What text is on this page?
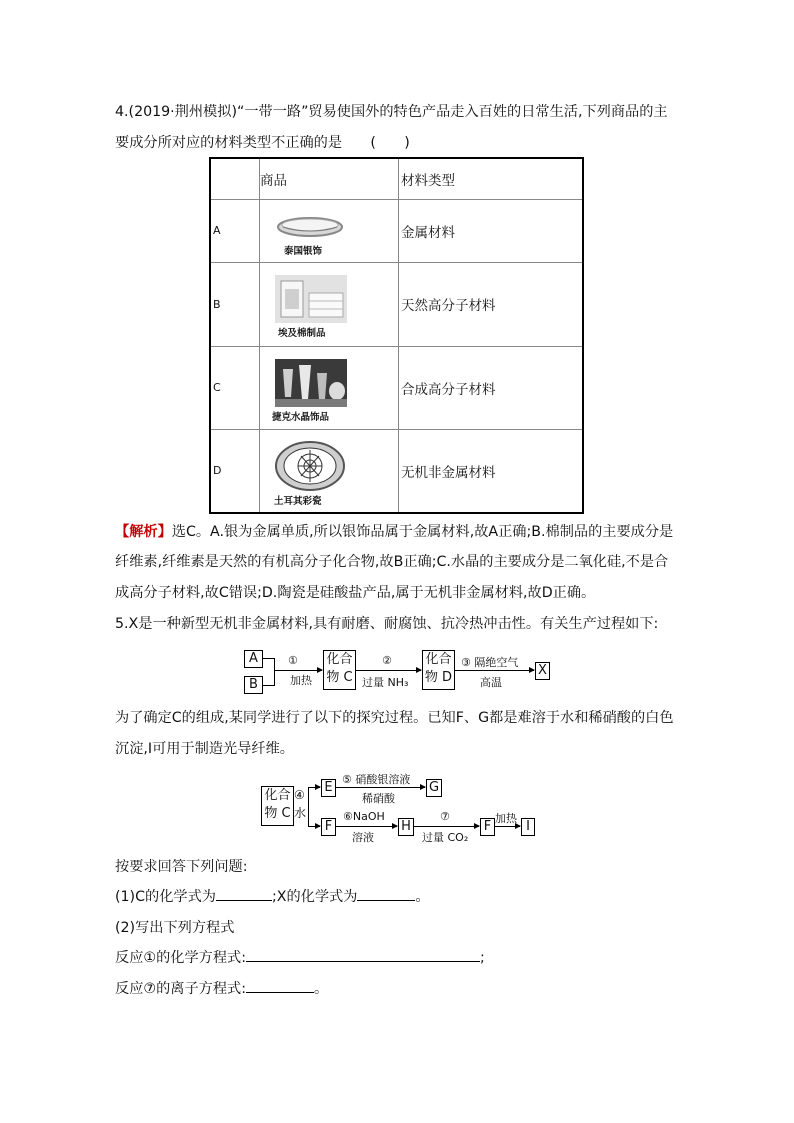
4.(2019·荆州模拟)“一带一路”贸易使国外的特色产品走入百姓的日常生活,下列商品的主
要成分所对应的材料类型不正确的是　　(　　)
	商品	材料类型
A	泰国银饰	金属材料
B	埃及棉制品	天然高分子材料
C	捷克水晶饰品	合成高分子材料
D	土耳其彩瓷	无机非金属材料
【解析】选C。A.银为金属单质,所以银饰品属于金属材料,故A正确;B.棉制品的主要成分是
纤维素,纤维素是天然的有机高分子化合物,故B正确;C.水晶的主要成分是二氧化硅,不是合
成高分子材料,故C错误;D.陶瓷是硅酸盐产品,属于无机非金属材料,故D正确。
5.X是一种新型无机非金属材料,具有耐磨、耐腐蚀、抗冷热冲击性。有关生产过程如下:
A
B
①
加热
化合
物 C
②
过量 NH₃
化合
物 D
③ 隔绝空气
高温
X
为了确定C的组成,某同学进行了以下的探究过程。已知F、G都是难溶于水和稀硝酸的白色
沉淀,I可用于制造光导纤维。
化合
物 C
④
水
E
⑤ 硝酸银溶液
稀硝酸
G
F
⑥NaOH
溶液
H
⑦
过量 CO₂
F
加热
I
按要求回答下列问题:
(1)C的化学式为	;X的化学式为	。
(2)写出下列方程式
反应①的化学方程式:	;
反应⑦的离子方程式:	。
